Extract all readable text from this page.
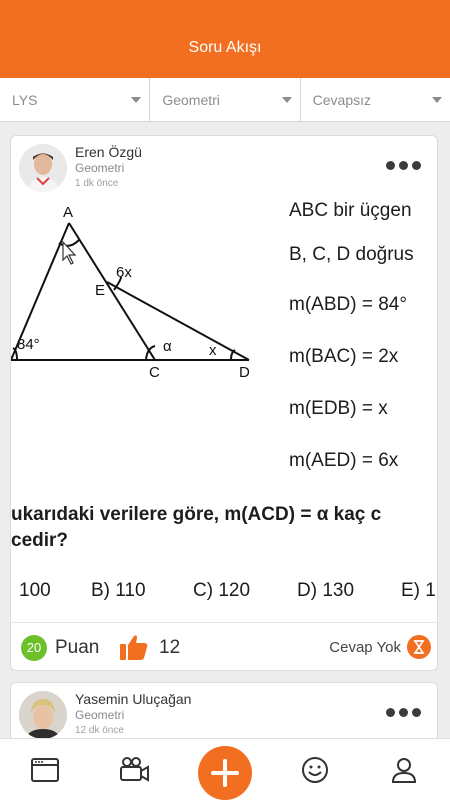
Soru Akışı
LYS	Geometri	Cevapsız
Eren Özgü
Geometri
1 dk önce
A
E
6x
84°	α x
C	D
ABC bir üçgen
B, C, D doğrus
m(ABD) = 84°
m(BAC) = 2x
m(EDB) = x
m(AED) = 6x
ukarıdaki verilere göre, m(ACD) = α kaç c
cedir?
100 B) 110 C) 120 D) 130 E) 1
20 Puan	12	Cevap Yok
Yasemin Uluçağan
Geometri
12 dk önce
